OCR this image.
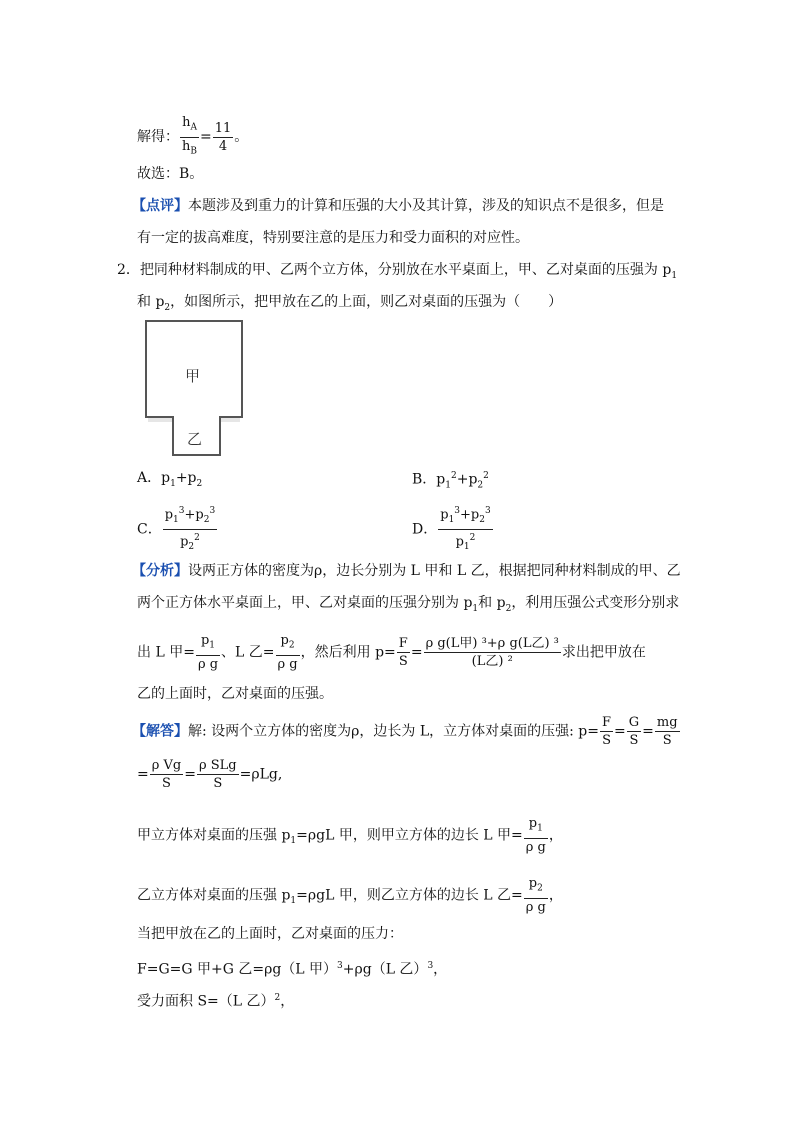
解得： $\frac{h_A}{h_B} = \frac{11}{4}$ 。
故选：B。
【点评】本题涉及到重力的计算和压强的大小及其计算，涉及的知识点不是很多，但是
有一定的拔高难度，特别要注意的是压力和受力面积的对应性。
2．把同种材料制成的甲、乙两个立方体，分别放在水平桌面上，甲、乙对桌面的压强为 $p_1$
和 $p_2$，如图所示，把甲放在乙的上面，则乙对桌面的压强为（　　）
甲
乙
A．$p_1+p_2$	B．$p_1^2+p_2^2$
C． $\frac{p_1^3+p_2^3}{p_2^2}$	D． $\frac{p_1^3+p_2^3}{p_1^2}$
【分析】设两正方体的密度为ρ，边长分别为 L 甲和 L 乙，根据把同种材料制成的甲、乙
两个正方体水平桌面上，甲、乙对桌面的压强分别为 $p_1$和 $p_2$，利用压强公式变形分别求
出 L 甲= $\frac{p_1}{\text{ρ g}}$ 、L 乙= $\frac{p_2}{\text{ρ g}}$ ，然后利用 $p= \frac{F}{S} = \frac{\text{ρ g(L甲) ³+ρ g(L乙) ³}}{\text{(L乙) ²}}$ 求出把甲放在
乙的上面时，乙对桌面的压强。
【解答】解: 设两个立方体的密度为ρ，边长为 L，立方体对桌面的压强: $p= \frac{F}{S} = \frac{G}{S} = \frac{mg}{S}$
= $\frac{\text{ρ Vg}}{S} = \frac{\text{ρ SLg}}{S} =\rho Lg$,
甲立方体对桌面的压强 $p_1=\rho gL$ 甲，则甲立方体的边长 L 甲= $\frac{p_1}{\text{ρ g}}$ ，
乙立方体对桌面的压强 $p_1=\rho gL$ 甲，则乙立方体的边长 L 乙= $\frac{p_2}{\text{ρ g}}$ ，
当把甲放在乙的上面时，乙对桌面的压力：
F=G=G 甲+G 乙=ρg（L 甲）$^3$+ρg（L 乙）$^3$，
受力面积 S=（L 乙）$^2$，
